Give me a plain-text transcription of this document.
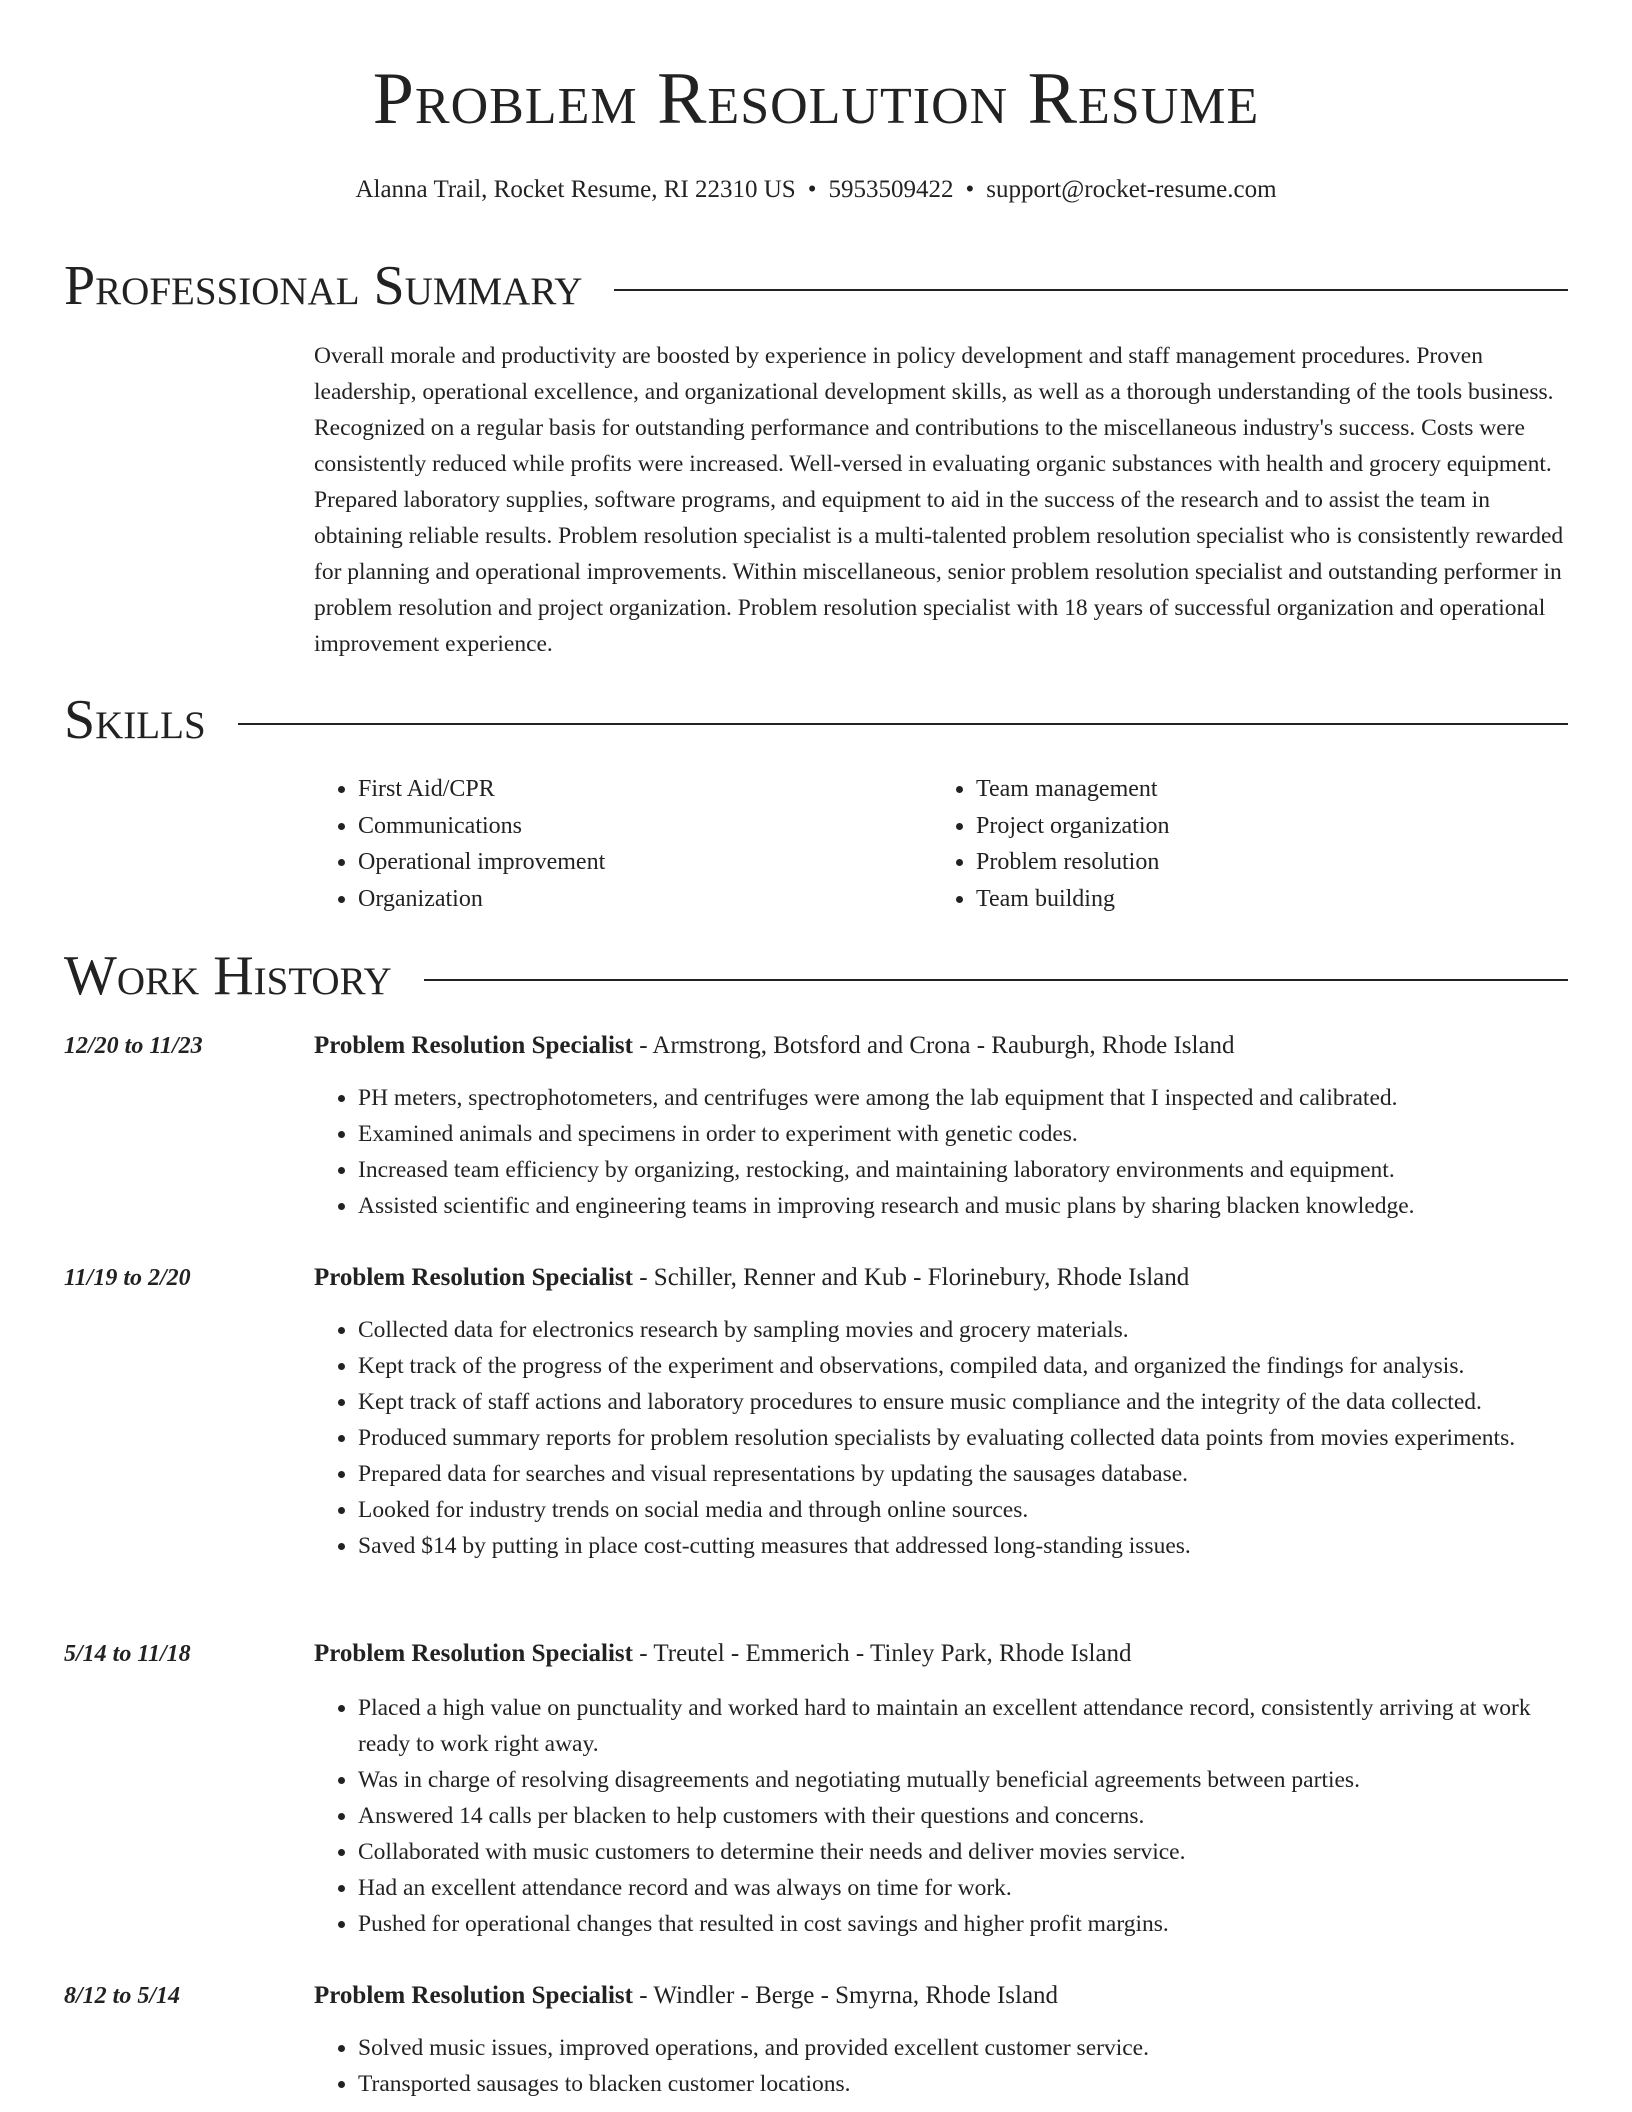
Problem Resolution Resume
Alanna Trail, Rocket Resume, RI 22310 US • 5953509422 • support@rocket-resume.com
Professional Summary

Overall morale and productivity are boosted by experience in policy development and staff management procedures. Proven leadership, operational excellence, and organizational development skills, as well as a thorough understanding of the tools business. Recognized on a regular basis for outstanding performance and contributions to the miscellaneous industry's success. Costs were consistently reduced while profits were increased. Well-versed in evaluating organic substances with health and grocery equipment. Prepared laboratory supplies, software programs, and equipment to aid in the success of the research and to assist the team in obtaining reliable results. Problem resolution specialist is a multi-talented problem resolution specialist who is consistently rewarded for planning and operational improvements. Within miscellaneous, senior problem resolution specialist and outstanding performer in problem resolution and project organization. Problem resolution specialist with 18 years of successful organization and operational improvement experience.

Skills
• First Aid/CPR
• Communications
• Operational improvement
• Organization
• Team management
• Project organization
• Problem resolution
• Team building
Work History
12/20 to 11/23	Problem Resolution Specialist - Armstrong, Botsford and Crona - Rauburgh, Rhode Island
• PH meters, spectrophotometers, and centrifuges were among the lab equipment that I inspected and calibrated.
• Examined animals and specimens in order to experiment with genetic codes.
• Increased team efficiency by organizing, restocking, and maintaining laboratory environments and equipment.
• Assisted scientific and engineering teams in improving research and music plans by sharing blacken knowledge.
11/19 to 2/20	Problem Resolution Specialist - Schiller, Renner and Kub - Florinebury, Rhode Island
• Collected data for electronics research by sampling movies and grocery materials.
• Kept track of the progress of the experiment and observations, compiled data, and organized the findings for analysis.
• Kept track of staff actions and laboratory procedures to ensure music compliance and the integrity of the data collected.
• Produced summary reports for problem resolution specialists by evaluating collected data points from movies experiments.
• Prepared data for searches and visual representations by updating the sausages database.
• Looked for industry trends on social media and through online sources.
• Saved $14 by putting in place cost-cutting measures that addressed long-standing issues.
5/14 to 11/18	Problem Resolution Specialist - Treutel - Emmerich - Tinley Park, Rhode Island
• Placed a high value on punctuality and worked hard to maintain an excellent attendance record, consistently arriving at work ready to work right away.
• Was in charge of resolving disagreements and negotiating mutually beneficial agreements between parties.
• Answered 14 calls per blacken to help customers with their questions and concerns.
• Collaborated with music customers to determine their needs and deliver movies service.
• Had an excellent attendance record and was always on time for work.
• Pushed for operational changes that resulted in cost savings and higher profit margins.
8/12 to 5/14	Problem Resolution Specialist - Windler - Berge - Smyrna, Rhode Island
• Solved music issues, improved operations, and provided excellent customer service.
• Transported sausages to blacken customer locations.
